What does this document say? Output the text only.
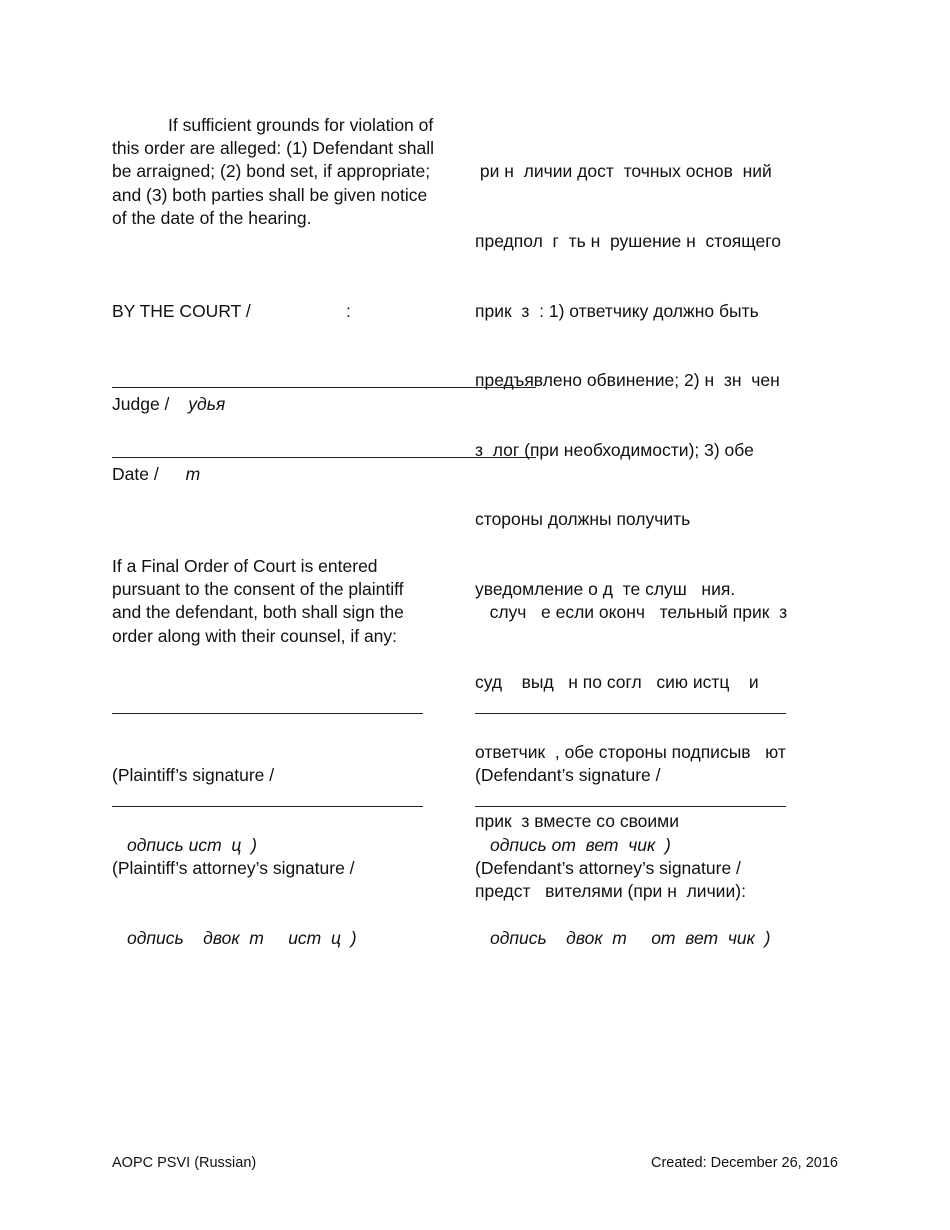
If sufficient grounds for violation of
this order are alleged: (1) Defendant shall
be arraigned; (2) bond set, if appropriate;
and (3) both parties shall be given notice
of the date of the hearing.

ри н  личии дост  точных основ  ний

предпол  г  ть н  рушение н  стоящего

прик  з  : 1) ответчику должно быть

предъявлено обвинение; 2) н  зн  чен

з  лог (при необходимости); 3) обе

стороны должны получить

уведомление о д  те слуш   ния.

BY THE COURT /	:
Judge / удья
Date / т
If a Final Order of Court is entered
pursuant to the consent of the plaintiff
and the defendant, both shall sign the
order along with their counsel, if any:

случ   е если оконч   тельный прик  з

суд    выд   н по согл   сию истц    и

ответчик  , обе стороны подписыв   ют

прик  з вместе со своими

предст   вителями (при н  личии):

(Plaintiff’s signature /

одпись ист  ц  )

(Defendant’s signature /

одпись от  вет  чик  )

(Plaintiff’s attorney’s signature /

одпись    двок  т     ист  ц  )

(Defendant’s attorney’s signature /

одпись    двок  т     от  вет  чик  )

AOPC PSVI (Russian)	Created: December 26, 2016
